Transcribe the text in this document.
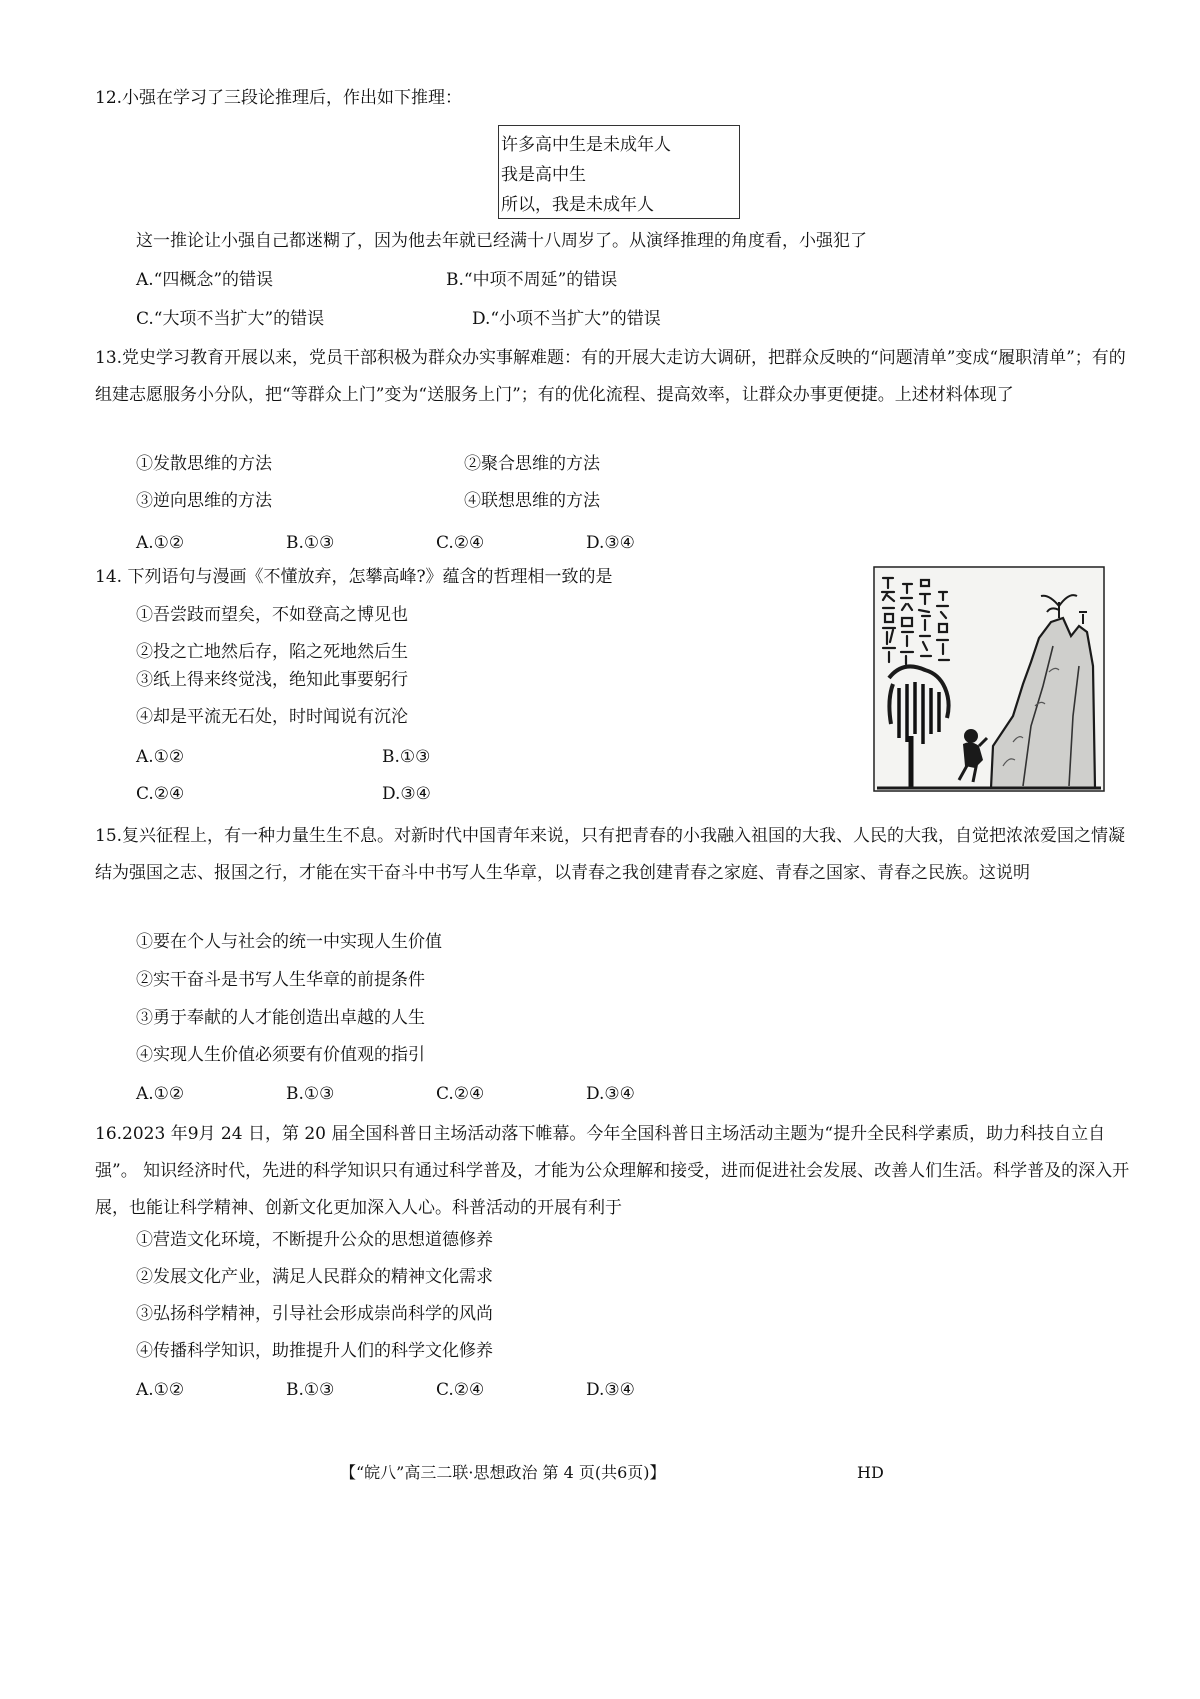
12.小强在学习了三段论推理后，作出如下推理：
许多高中生是未成年人
我是高中生
所以，我是未成年人
这一推论让小强自己都迷糊了，因为他去年就已经满十八周岁了。从演绎推理的角度看，小强犯了
A.“四概念”的错误	B.“中项不周延”的错误
C.“大项不当扩大”的错误	D.“小项不当扩大”的错误
13.党史学习教育开展以来，党员干部积极为群众办实事解难题：有的开展大走访大调研，把群众反映的“问题清单”变成“履职清单”；有的组建志愿服务小分队，把“等群众上门”变为“送服务上门”；有的优化流程、提高效率，让群众办事更便捷。上述材料体现了
①发散思维的方法	②聚合思维的方法
③逆向思维的方法	④联想思维的方法
A.①②	B.①③	C.②④	D.③④
14. 下列语句与漫画《不懂放弃，怎攀高峰?》蕴含的哲理相一致的是
①吾尝跂而望矣，不如登高之博见也
②投之亡地然后存，陷之死地然后生
③纸上得来终觉浅，绝知此事要躬行
④却是平流无石处，时时闻说有沉沦
A.①②	B.①③
C.②④	D.③④
15.复兴征程上，有一种力量生生不息。对新时代中国青年来说，只有把青春的小我融入祖国的大我、人民的大我，自觉把浓浓爱国之情凝结为强国之志、报国之行，才能在实干奋斗中书写人生华章，以青春之我创建青春之家庭、青春之国家、青春之民族。这说明
①要在个人与社会的统一中实现人生价值
②实干奋斗是书写人生华章的前提条件
③勇于奉献的人才能创造出卓越的人生
④实现人生价值必须要有价值观的指引
A.①②	B.①③	C.②④	D.③④
16.2023 年9月 24 日，第 20 届全国科普日主场活动落下帷幕。今年全国科普日主场活动主题为“提升全民科学素质，助力科技自立自强”。 知识经济时代，先进的科学知识只有通过科学普及，才能为公众理解和接受，进而促进社会发展、改善人们生活。科学普及的深入开展，也能让科学精神、创新文化更加深入人心。科普活动的开展有利于
①营造文化环境，不断提升公众的思想道德修养
②发展文化产业，满足人民群众的精神文化需求
③弘扬科学精神，引导社会形成崇尚科学的风尚
④传播科学知识，助推提升人们的科学文化修养
A.①②	B.①③	C.②④	D.③④
【“皖八”高三二联·思想政治 第 4 页(共6页)】	HD
